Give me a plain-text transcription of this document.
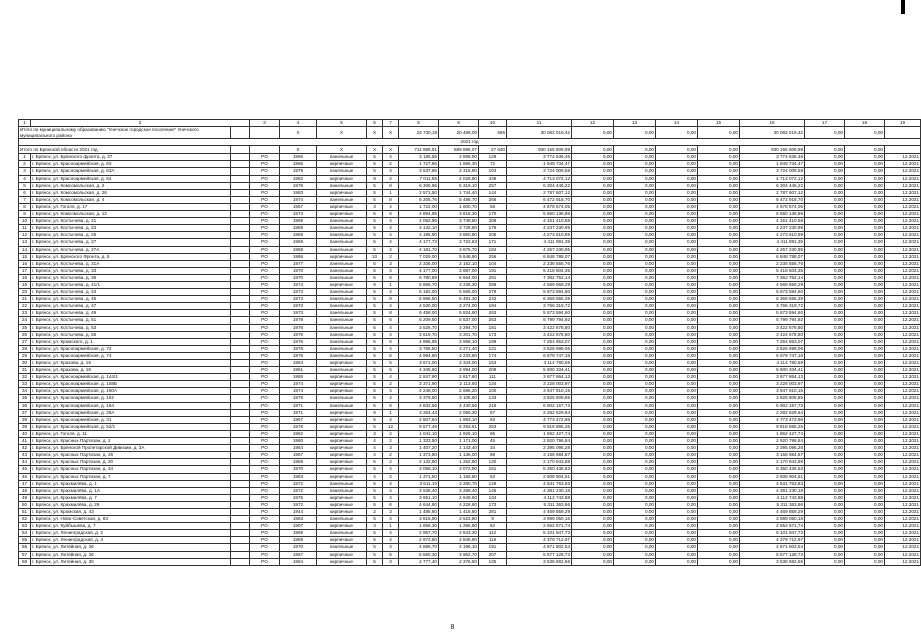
1	2		3	4	5	6	7	8	9	10	11	12	13	14	15	16	17	18	19
Итого по муниципальному образованию "Унечское городское поселение" Унечского муниципального района				X	X	X	X	23 730,19	20 486,00	665	30 062 019,42	0,00	0,00	0,00	0,00	30 062 019,42	0,00	0,00	
2021 год																			
Итого по Брянской области 2021 год				X	X	X	X	711 985,91	589 896,07	27 630	930 155 609,99	0,00	0,00	0,00	0,00	930 155 609,99	0,00	0,00	
1	г. Брянск, ул. Брянского фронта, д. 37		PO	1966	панельные	5	4	3 185,56	2 868,90	129	3 774 636,46	0,00	0,00	0,00	0,00	3 774 636,46	0,00	0,00	12.2021
2	г. Брянск, ул. Красноармейская, д. 63		PO	1986	кирпичные	5	2	1 727,86	1 666,30	72	1 949 734,47	0,00	0,00	0,00	0,00	1 949 734,47	0,00	0,00	12.2021
3	г. Брянск, ул. Красноармейская, д. 63А		PO	1979	панельные	5	4	3 537,86	3 316,80	163	3 724 009,58	0,00	0,00	0,00	0,00	3 724 009,58	0,00	0,00	12.2021
4	г. Брянск, ул. Красноармейская, д. 64		PO	1982	кирпичные	9	2	7 011,86	4 026,80	439	4 713 072,12	0,00	0,00	0,00	0,00	4 713 072,12	0,00	0,00	12.2021
5	г. Брянск, ул. Комсомольская, д. 2		PO	1978	панельные	5	8	6 306,96	5 316,10	257	6 304 446,22	0,00	0,00	0,00	0,00	6 304 446,22	0,00	0,00	12.2021
6	г. Брянск, ул. Комсомольская, д. 26		PO	1983	кирпичные	5	1	2 571,50	1 744,40	144	2 787 607,12	0,00	0,00	0,00	0,00	2 787 607,12	0,00	0,00	12.2021
7	г. Брянск, ул. Комсомольская, д. 4		PO	1974	панельные	5	8	6 205,76	5 486,70	266	6 472 918,70	0,00	0,00	0,00	0,00	6 472 918,70	0,00	0,00	12.2021
8	г. Брянск, ул. Гоголя, д. 17		PO	1957	кирпичные	3	4	1 722,00	1 600,70	58	4 678 574,05	0,00	0,00	0,00	0,00	4 678 574,05	0,00	0,00	12.2021
9	г. Брянск, ул. Комсомольская, д. 12		PO	1973	кирпичные	5	6	4 894,95	3 618,30	170	5 650 136,86	0,00	0,00	0,00	0,00	5 650 136,86	0,00	0,00	12.2021
10	г. Брянск, ул. Костычева, д. 21		PO	1969	панельные	5	4	4 052,96	3 748,80	208	4 151 410,58	0,00	0,00	0,00	0,00	4 151 410,58	0,00	0,00	12.2021
11	г. Брянск, ул. Костычева, д. 23		PO	1969	панельные	5	4	4 132,10	3 726,80	178	4 237 230,95	0,00	0,00	0,00	0,00	4 237 230,95	0,00	0,00	12.2021
12	г. Брянск, ул. Костычева, д. 25		PO	1969	панельные	5	4	4 195,90	3 850,80	205	4 273 610,99	0,00	0,00	0,00	0,00	4 273 610,99	0,00	0,00	12.2021
13	г. Брянск, ул. Костычева, д. 27		PO	1969	панельные	5	4	4 177,73	3 722,83	171	4 411 891,35	0,00	0,00	0,00	0,00	4 411 891,35	0,00	0,00	12.2021
14	г. Брянск, ул. Костычева, д. 27А		PO	1969	панельные	5	4	4 181,70	3 875,70	184	4 257 230,95	0,00	0,00	0,00	0,00	4 257 230,95	0,00	0,00	12.2021
15	г. Брянск, ул. Брянского Фронта, д. 5		PO	1966	кирпичные	10	2	7 029,00	5 648,90	256	6 848 788,07	0,00	0,00	0,00	0,00	6 848 788,07	0,00	0,00	12.2021
16	г. Брянск, ул. Костычева, д. 31А		PO	1977	панельные	5	3	2 336,00	2 152,10	104	2 236 555,76	0,00	0,00	0,00	0,00	2 236 555,76	0,00	0,00	12.2021
17	г. Брянск, ул. Костычева, д. 33		PO	1970	панельные	5	4	4 177,00	3 887,00	191	5 418 504,35	0,00	0,00	0,00	0,00	5 418 504,35	0,00	0,00	12.2021
18	г. Брянск, ул. Костычева, д. 35		PO	1970	панельные	5	6	6 780,89	6 664,00	281	7 362 752,14	0,00	0,00	0,00	0,00	7 362 752,14	0,00	0,00	12.2021
19	г. Брянск, ул. Костычева, д. 41/1		PO	1974	кирпичные	9	1	5 866,70	3 235,30	288	4 569 659,29	0,00	0,00	0,00	0,00	4 569 659,29	0,00	0,00	12.2021
20	г. Брянск, ул. Костычева, д. 43		PO	1973	панельные	5	4	6 192,00	5 568,00	279	5 673 594,60	0,00	0,00	0,00	0,00	5 673 594,60	0,00	0,00	12.2021
21	г. Брянск, ул. Костычева, д. 45		PO	1973	панельные	5	8	5 966,50	5 481,30	242	6 369 555,39	0,00	0,00	0,00	0,00	6 369 555,39	0,00	0,00	12.2021
22	г. Брянск, ул. Костычева, д. 47		PO	1973	панельные	5	4	4 530,00	3 274,00	194	3 766 319,72	0,00	0,00	0,00	0,00	3 766 319,72	0,00	0,00	12.2021
23	г. Брянск, ул. Костычева, д. 49		PO	1973	панельные	5	8	6 458,00	5 824,90	263	5 673 594,60	0,00	0,00	0,00	0,00	5 673 594,60	0,00	0,00	12.2021
24	г. Брянск, ул. Костычева, д. 51		PO	1978	панельные	5	6	6 209,50	5 537,00	253	5 799 794,92	0,00	0,00	0,00	0,00	5 799 794,92	0,00	0,00	12.2021
25	г. Брянск, ул. Костычева, д. 53		PO	1976	панельные	5	4	3 526,70	3 294,70	181	3 422 678,80	0,00	0,00	0,00	0,00	3 422 678,80	0,00	0,00	12.2021
26	г. Брянск, ул. Костычева, д. 55		PO	1976	панельные	5	4	3 619,70	3 201,70	173	3 422 678,80	0,00	0,00	0,00	0,00	3 422 678,80	0,00	0,00	12.2021
27	г. Брянск, ул. Кромского, д. 1		PO	1976	панельные	5	6	4 995,95	3 968,10	199	7 254 853,07	0,00	0,00	0,00	0,00	7 254 853,07	0,00	0,00	12.2021
28	г. Брянск, ул. Красноармейская, д. 72		PO	1976	панельные	5	4	3 765,50	3 271,40	121	3 526 698,06	0,00	0,00	0,00	0,00	3 526 698,06	0,00	0,00	12.2021
29	г. Брянск, ул. Красноармейская, д. 74		PO	1976	панельные	5	6	4 994,80	4 233,80	174	6 679 747,16	0,00	0,00	0,00	0,00	6 679 747,16	0,00	0,00	12.2021
30	г. Брянск, ул. Крахова, д. 16		PO	1964	кирпичные	5	5	3 671,00	3 344,00	153	4 114 780,59	0,00	0,00	0,00	0,00	4 114 780,59	0,00	0,00	12.2021
31	г. Брянск, ул. Крахова, д. 18		PO	1961	панельные	5	6	4 345,60	3 994,00	209	5 600 334,41	0,00	0,00	0,00	0,00	5 600 334,41	0,00	0,00	12.2021
32	г. Брянск, ул. Красноармейская, д. 144/1		PO	1965	кирпичные	5	4	2 847,90	2 617,60	111	3 677 864,13	0,00	0,00	0,00	0,00	3 677 864,13	0,00	0,00	12.2021
33	г. Брянск, ул. Красноармейская, д. 158Б		PO	1974	кирпичные	5	2	3 371,90	2 113,60	134	3 228 003,97	0,00	0,00	0,00	0,00	3 228 003,97	0,00	0,00	12.2021
34	г. Брянск, ул. Красноармейская, д. 160А		PO	1974	кирпичные	5	4	4 248,00	2 686,20	100	3 947 910,15	0,00	0,00	0,00	0,00	3 947 910,15	0,00	0,00	12.2021
35	г. Брянск, ул. Красноармейская, д. 162		PO	1978	панельные	5	4	3 379,80	3 105,60	133	3 825 809,85	0,00	0,00	0,00	0,00	3 825 809,85	0,00	0,00	12.2021
36	г. Брянск, ул. Красноармейская, д. 164		PO	1971	панельные	5	6	4 832,56	4 430,56	216	6 902 157,73	0,00	0,00	0,00	0,00	6 902 157,73	0,00	0,00	12.2021
37	г. Брянск, ул. Красноармейская, д. 28А		PO	1971	кирпичные	9	1	3 254,43	2 065,30	67	2 282 629,64	0,00	0,00	0,00	0,00	2 282 629,64	0,00	0,00	12.2021
38	г. Брянск, ул. Красноармейская, д. 31		PO	1967	кирпичные	5	4	2 507,84	1 993,10	63	4 773 472,96	0,00	0,00	0,00	0,00	4 773 472,96	0,00	0,00	12.2021
39	г. Брянск, ул. Красноармейская, д. 52/1		PO	1978	кирпичные	5	12	9 577,49	6 253,61	253	9 818 865,26	0,00	0,00	0,00	0,00	9 818 865,26	0,00	0,00	12.2021
40	г. Брянск, ул. Гоголя, д. 11		PO	1962	кирпичные	3	2	1 041,10	1 926,10	85	1 862 427,74	0,00	0,00	0,00	0,00	1 862 427,74	0,00	0,00	12.2021
41	г. Брянск, ул. Красных Партизан, д. 2		PO	1960	кирпичные	4	2	1 333,50	1 171,00	45	2 920 796,84	0,00	0,00	0,00	0,00	2 920 796,84	0,00	0,00	12.2021
42	г. Брянск, ул. Брянской Пролетарской Дивизии, д. 3А		PO	1964	кирпичные	4	3	1 407,20	1 143,40	34	2 395 095,28	0,00	0,00	0,00	0,00	2 395 095,28	0,00	0,00	12.2021
43	г. Брянск, ул. Красных Партизан, д. 26		PO	1967	кирпичные	4	2	1 373,80	1 136,00	88	3 158 984,87	0,00	0,00	0,00	0,00	3 158 984,87	0,00	0,00	12.2021
44	г. Брянск, ул. Красных Партизан, д. 30		PO	1959	кирпичные	5	2	2 132,90	1 262,90	120	2 170 943,88	0,00	0,00	0,00	0,00	2 170 943,88	0,00	0,00	12.2021
45	г. Брянск, ул. Красных Партизан, д. 34		PO	1970	кирпичные	5	4	3 058,10	3 072,90	151	5 350 436,53	0,00	0,00	0,00	0,00	5 350 436,53	0,00	0,00	12.2021
46	г. Брянск, ул. Красных Партизан, д. 7		PO	1963	кирпичные	4	2	1 371,50	1 166,80	63	2 608 904,51	0,00	0,00	0,00	0,00	2 608 904,51	0,00	0,00	12.2021
47	г. Брянск, ул. Крахмалёва, д. 1		PO	1972	панельные	5	4	3 611,10	3 280,70	128	4 631 763,83	0,00	0,00	0,00	0,00	4 631 763,83	0,00	0,00	12.2021
48	г. Брянск, ул. Крахмалёва, д. 1А		PO	1972	панельные	5	4	3 535,40	3 289,40	145	4 381 230,18	0,00	0,00	0,00	0,00	4 381 230,18	0,00	0,00	12.2021
49	г. Брянск, ул. Крахмалёва, д. 7		PO	1975	кирпичные	5	4	3 651,10	2 649,60	134	4 112 743,88	0,00	0,00	0,00	0,00	4 112 743,88	0,00	0,00	12.2021
50	г. Брянск, ул. Крахмалёва, д. 29		PO	1972	кирпичные	5	6	4 644,80	4 228,80	173	5 311 363,66	0,00	0,00	0,00	0,00	5 311 363,66	0,00	0,00	12.2021
51	г. Брянск, ул. Кромская, д. 43		PO	1944	кирпичные	2	3	1 485,80	1 416,80	281	4 469 859,29	0,00	0,00	0,00	0,00	4 469 859,29	0,00	0,00	12.2021
52	г. Брянск, ул. Ново-Советская, д. 93		PO	1963	панельные	5	4	3 815,90	3 523,80	9	3 999 050,16	0,00	0,00	0,00	0,00	3 999 050,16	0,00	0,00	12.2021
53	г. Брянск, ул. Куйбышева, д. 7		PO	1907	кирпичные	3	1	1 658,30	1 256,90	62	2 652 671,74	0,00	0,00	0,00	0,00	2 652 671,74	0,00	0,00	12.2021
54	г. Брянск, ул. Ленинградская, д. 2		PO	1969	панельные	5	4	2 957,70	2 643,30	112	5 101 947,73	0,00	0,00	0,00	0,00	5 101 947,73	0,00	0,00	12.2021
55	г. Брянск, ул. Ленинградская, д. 4		PO	1969	кирпичные	5	4	2 972,60	2 846,90	116	4 379 712,97	0,00	0,00	0,00	0,00	4 379 712,97	0,00	0,00	12.2021
56	г. Брянск, ул. Литейная, д. 28		PO	1970	панельные	5	4	4 886,70	4 196,10	191	4 871 802,54	0,00	0,00	0,00	0,00	4 871 802,54	0,00	0,00	12.2021
57	г. Брянск, ул. Литейная, д. 28		PO	1967	кирпичные	5	6	6 560,30	3 962,70	207	5 577 128,73	0,00	0,00	0,00	0,00	5 577 128,73	0,00	0,00	12.2021
58	г. Брянск, ул. Литейная, д. 30		PO	1964	кирпичные	5	3	2 777,40	2 376,50	125	3 538 682,56	0,00	0,00	0,00	0,00	3 538 682,56	0,00	0,00	12.2021
8
